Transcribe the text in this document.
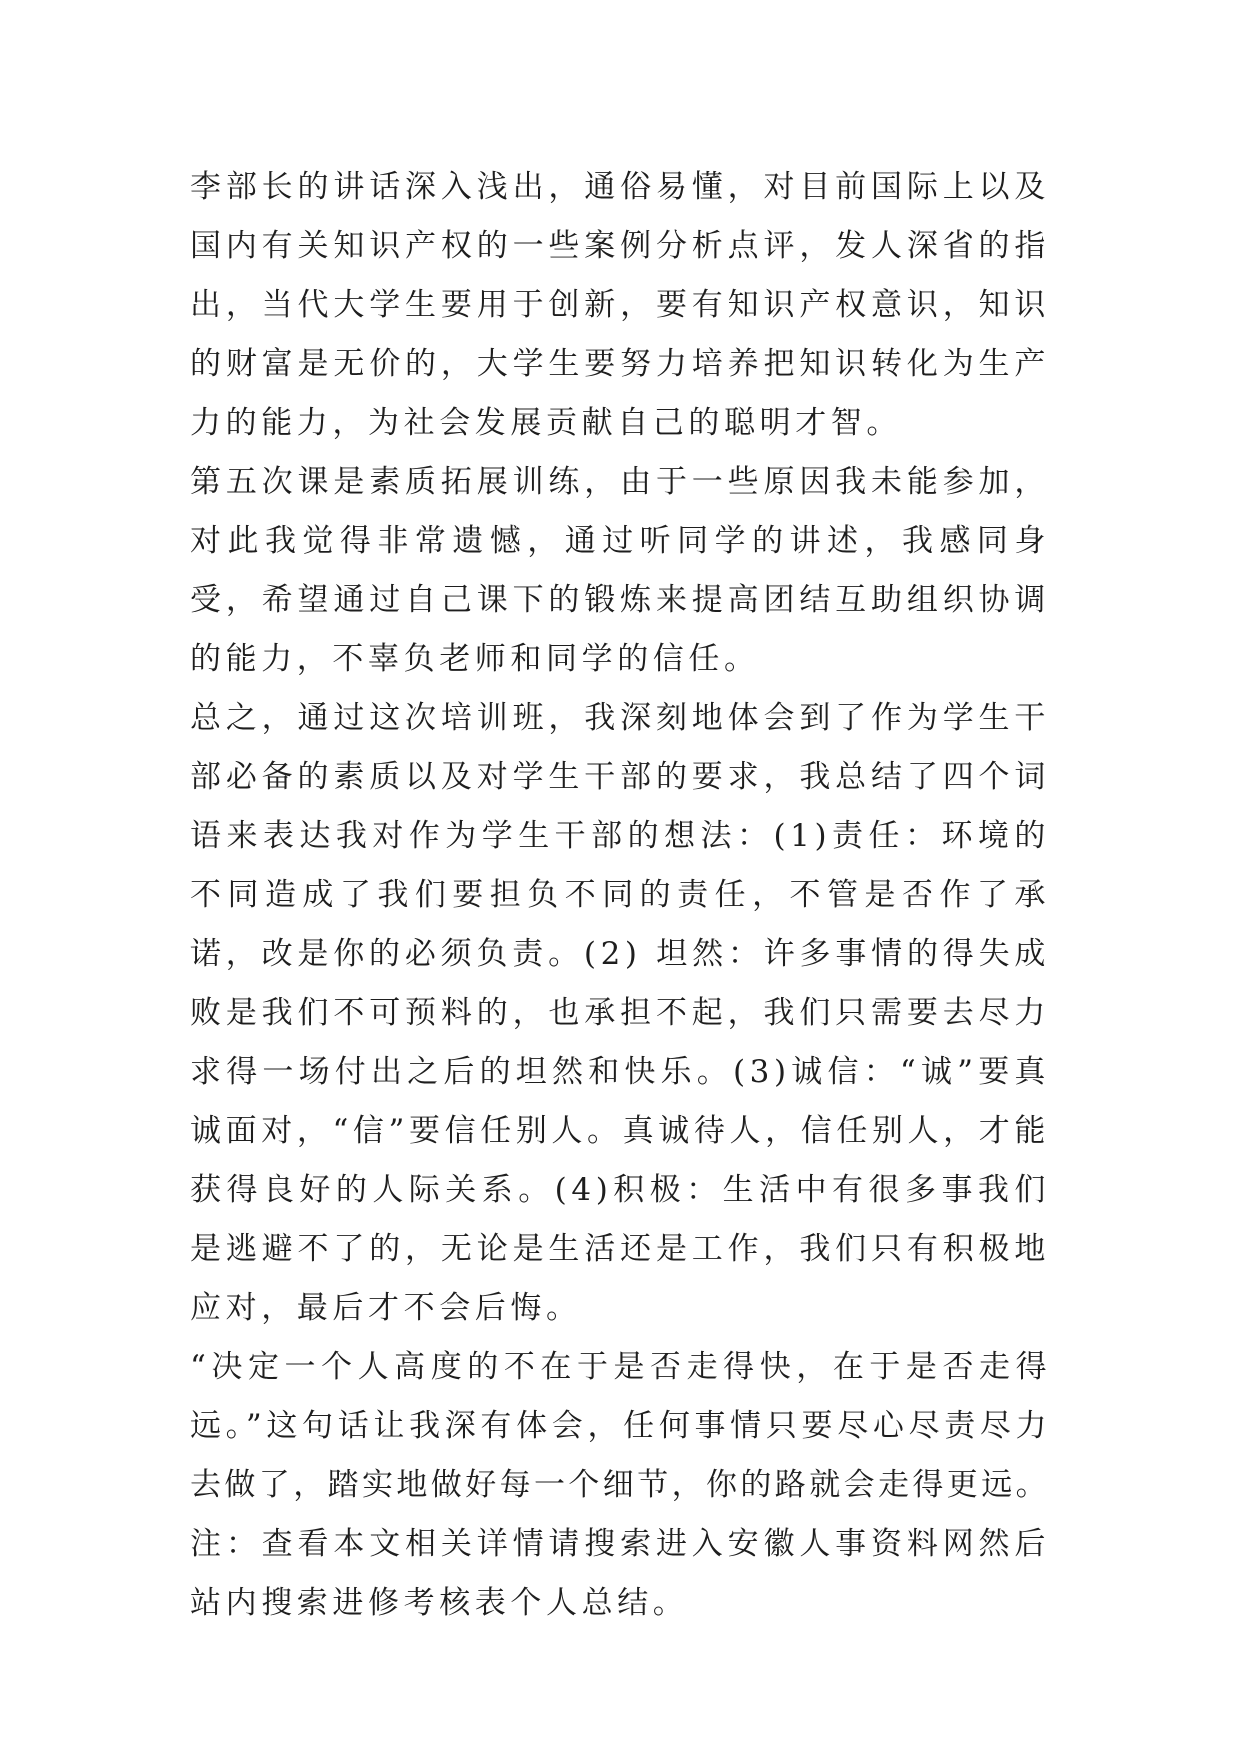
李部长的讲话深入浅出，通俗易懂，对目前国际上以及国内有关知识产权的一些案例分析点评，发人深省的指出，当代大学生要用于创新，要有知识产权意识，知识的财富是无价的，大学生要努力培养把知识转化为生产力的能力，为社会发展贡献自己的聪明才智。

第五次课是素质拓展训练，由于一些原因我未能参加，对此我觉得非常遗憾，通过听同学的讲述，我感同身受，希望通过自己课下的锻炼来提高团结互助组织协调的能力，不辜负老师和同学的信任。

总之，通过这次培训班，我深刻地体会到了作为学生干部必备的素质以及对学生干部的要求，我总结了四个词语来表达我对作为学生干部的想法：(1)责任：环境的不同造成了我们要担负不同的责任，不管是否作了承诺，改是你的必须负责。(2) 坦然：许多事情的得失成败是我们不可预料的，也承担不起，我们只需要去尽力求得一场付出之后的坦然和快乐。(3)诚信：“诚”要真诚面对，“信”要信任别人。真诚待人，信任别人，才能获得良好的人际关系。(4)积极：生活中有很多事我们是逃避不了的，无论是生活还是工作，我们只有积极地应对，最后才不会后悔。

“决定一个人高度的不在于是否走得快，在于是否走得远。”这句话让我深有体会，任何事情只要尽心尽责尽力去做了，踏实地做好每一个细节，你的路就会走得更远。

注：查看本文相关详情请搜索进入安徽人事资料网然后站内搜索进修考核表个人总结。
